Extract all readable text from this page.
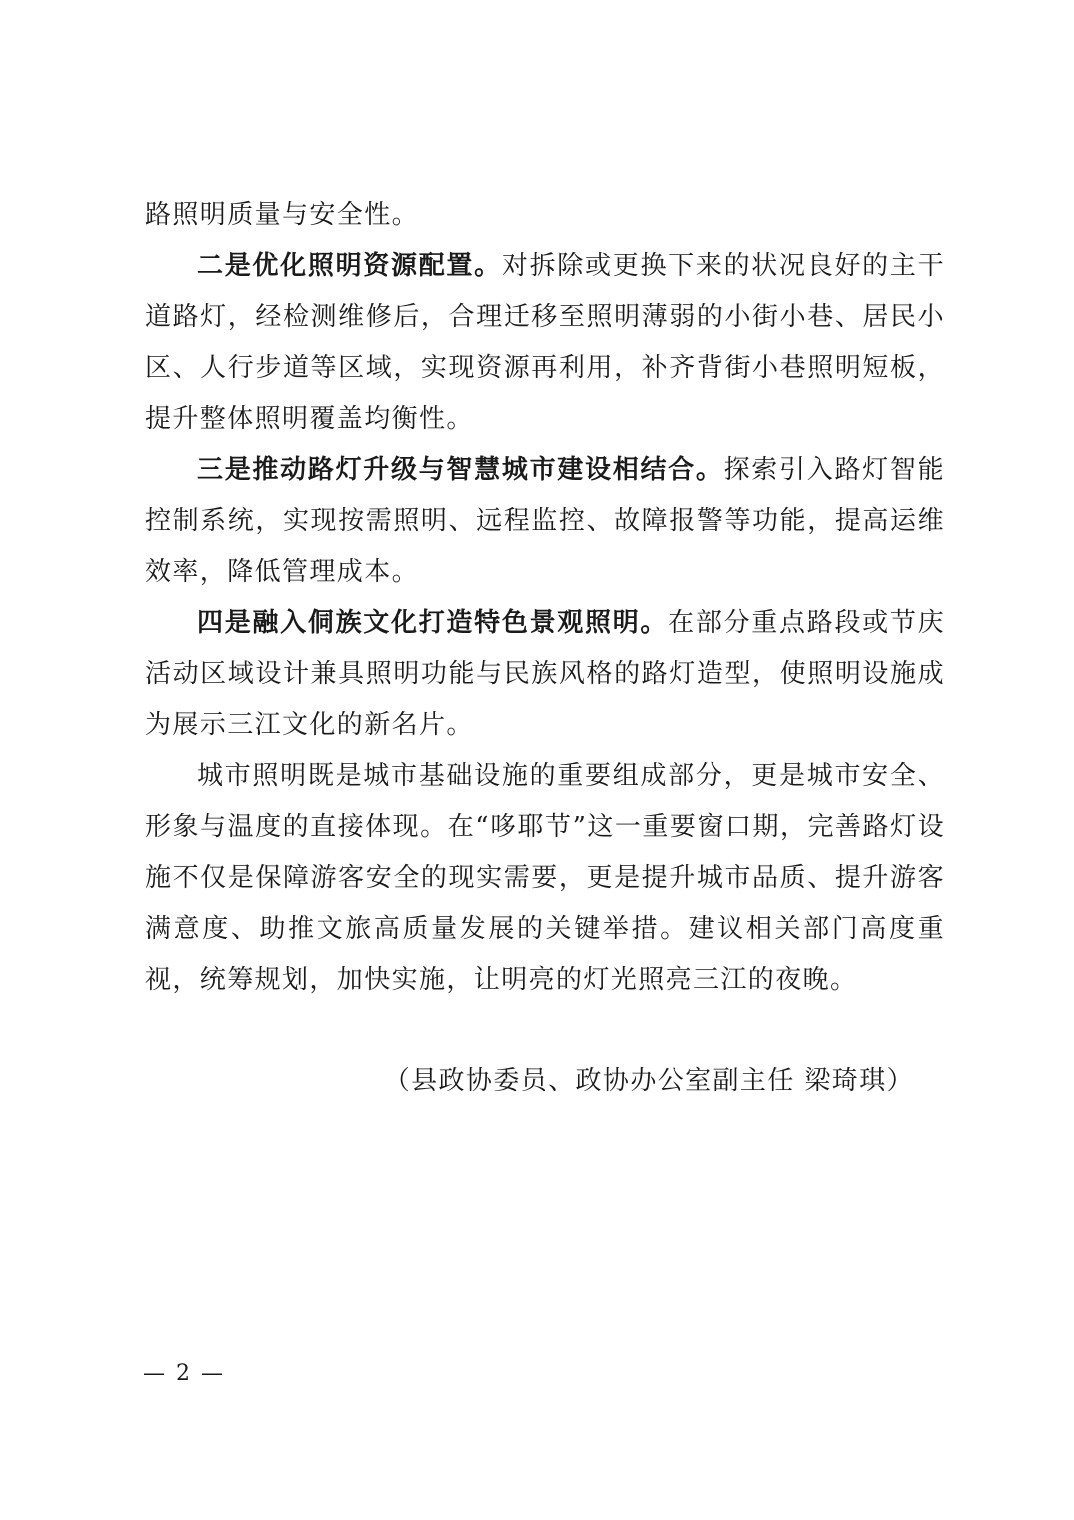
路照明质量与安全性。

二是优化照明资源配置。对拆除或更换下来的状况良好的主干道路灯，经检测维修后，合理迁移至照明薄弱的小街小巷、居民小区、人行步道等区域，实现资源再利用，补齐背街小巷照明短板，提升整体照明覆盖均衡性。

三是推动路灯升级与智慧城市建设相结合。探索引入路灯智能控制系统，实现按需照明、远程监控、故障报警等功能，提高运维效率，降低管理成本。

四是融入侗族文化打造特色景观照明。在部分重点路段或节庆活动区域设计兼具照明功能与民族风格的路灯造型，使照明设施成为展示三江文化的新名片。

城市照明既是城市基础设施的重要组成部分，更是城市安全、形象与温度的直接体现。在“哆耶节”这一重要窗口期，完善路灯设施不仅是保障游客安全的现实需要，更是提升城市品质、提升游客满意度、助推文旅高质量发展的关键举措。建议相关部门高度重视，统筹规划，加快实施，让明亮的灯光照亮三江的夜晚。

（县政协委员、政协办公室副主任 梁琦琪）
— 2 —
